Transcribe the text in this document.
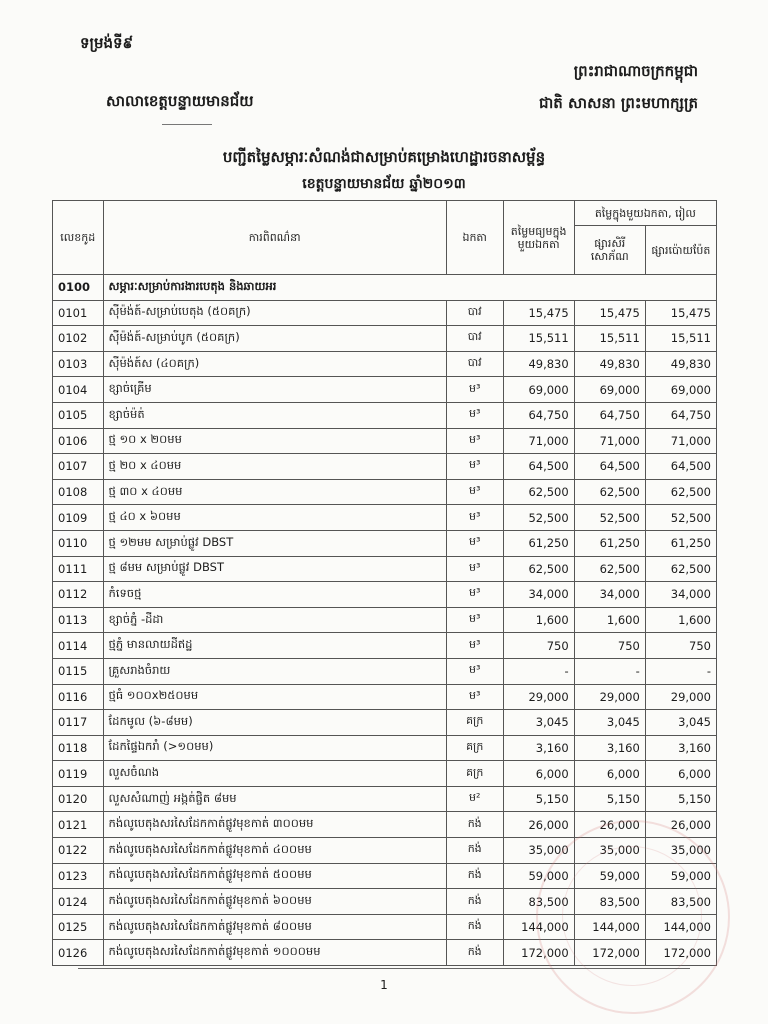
ទម្រង់ទី៩
ព្រះរាជាណាចក្រកម្ពុជា
សាលាខេត្តបន្ទាយមានជ័យ	ជាតិ សាសនា ព្រះមហាក្សត្រ
បញ្ជីតម្លៃសម្ភារៈសំណង់ជាសម្រាប់គម្រោងហេដ្ឋារចនាសម្ព័ន្ធ
ខេត្តបន្ទាយមានជ័យ ឆ្នាំ២០១៣
លេខកូដ	ការពិពណ៌នា	ឯកតា	តម្លៃមធ្យមក្នុងមួយឯកតា	តម្លៃក្នុងមួយឯកតា, រៀល	
				ផ្សារសិរីសោភ័ណ	ផ្សារប៉ោយប៉ែត
0100	សម្ភារៈសម្រាប់ការងារបេតុង និងឆាយអរ				
0101	ស៊ីម៉ង់ត៍-សម្រាប់បេតុង (៥០គក្រ)	បាវ	15,475	15,475	15,475
0102	ស៊ីម៉ង់ត៍-សម្រាប់បូក (៥០គក្រ)	បាវ	15,511	15,511	15,511
0103	ស៊ីម៉ង់ត៍ស (៤០គក្រ)	បាវ	49,830	49,830	49,830
0104	ខ្សាច់គ្រើម	ម³	69,000	69,000	69,000
0105	ខ្សាច់ម៉ត់	ម³	64,750	64,750	64,750
0106	ថ្ម ១០ x ២០មម	ម³	71,000	71,000	71,000
0107	ថ្ម ២០ x ៤០មម	ម³	64,500	64,500	64,500
0108	ថ្ម ៣០ x ៤០មម	ម³	62,500	62,500	62,500
0109	ថ្ម ៤០ x ៦០មម	ម³	52,500	52,500	52,500
0110	ថ្ម ១២មម សម្រាប់ផ្លូវ DBST	ម³	61,250	61,250	61,250
0111	ថ្ម ៨មម សម្រាប់ផ្លូវ DBST	ម³	62,500	62,500	62,500
0112	កំទេចថ្ម	ម³	34,000	34,000	34,000
0113	ខ្សាច់ភ្នំ -ដីដា	ម³	1,600	1,600	1,600
0114	ថ្មភ្នំ មានលាយដីឥដ្ឋ	ម³	750	750	750
0115	គ្រួសរាងចំរាយ	ម³	-	-	-
0116	ថ្មធំ ១០០x២៥០មម	ម³	29,000	29,000	29,000
0117	ដែកមូល (៦-៨មម)	គក្រ	3,045	3,045	3,045
0118	ដែកផ្ទៃឯករាំ (>១០មម)	គក្រ	3,160	3,160	3,160
0119	លួសចំណង	គក្រ	6,000	6,000	6,000
0120	លួសសំណាញ់ អង្កត់ផ្ចិត ៨មម	ម²	5,150	5,150	5,150
0121	កង់លូបេតុងសរសៃដែកកាត់ផ្លូវមុខកាត់ ៣០០មម	កង់	26,000	26,000	26,000
0122	កង់លូបេតុងសរសៃដែកកាត់ផ្លូវមុខកាត់ ៤០០មម	កង់	35,000	35,000	35,000
0123	កង់លូបេតុងសរសៃដែកកាត់ផ្លូវមុខកាត់ ៥០០មម	កង់	59,000	59,000	59,000
0124	កង់លូបេតុងសរសៃដែកកាត់ផ្លូវមុខកាត់ ៦០០មម	កង់	83,500	83,500	83,500
0125	កង់លូបេតុងសរសៃដែកកាត់ផ្លូវមុខកាត់ ៨០០មម	កង់	144,000	144,000	144,000
0126	កង់លូបេតុងសរសៃដែកកាត់ផ្លូវមុខកាត់ ១០០០មម	កង់	172,000	172,000	172,000
1
